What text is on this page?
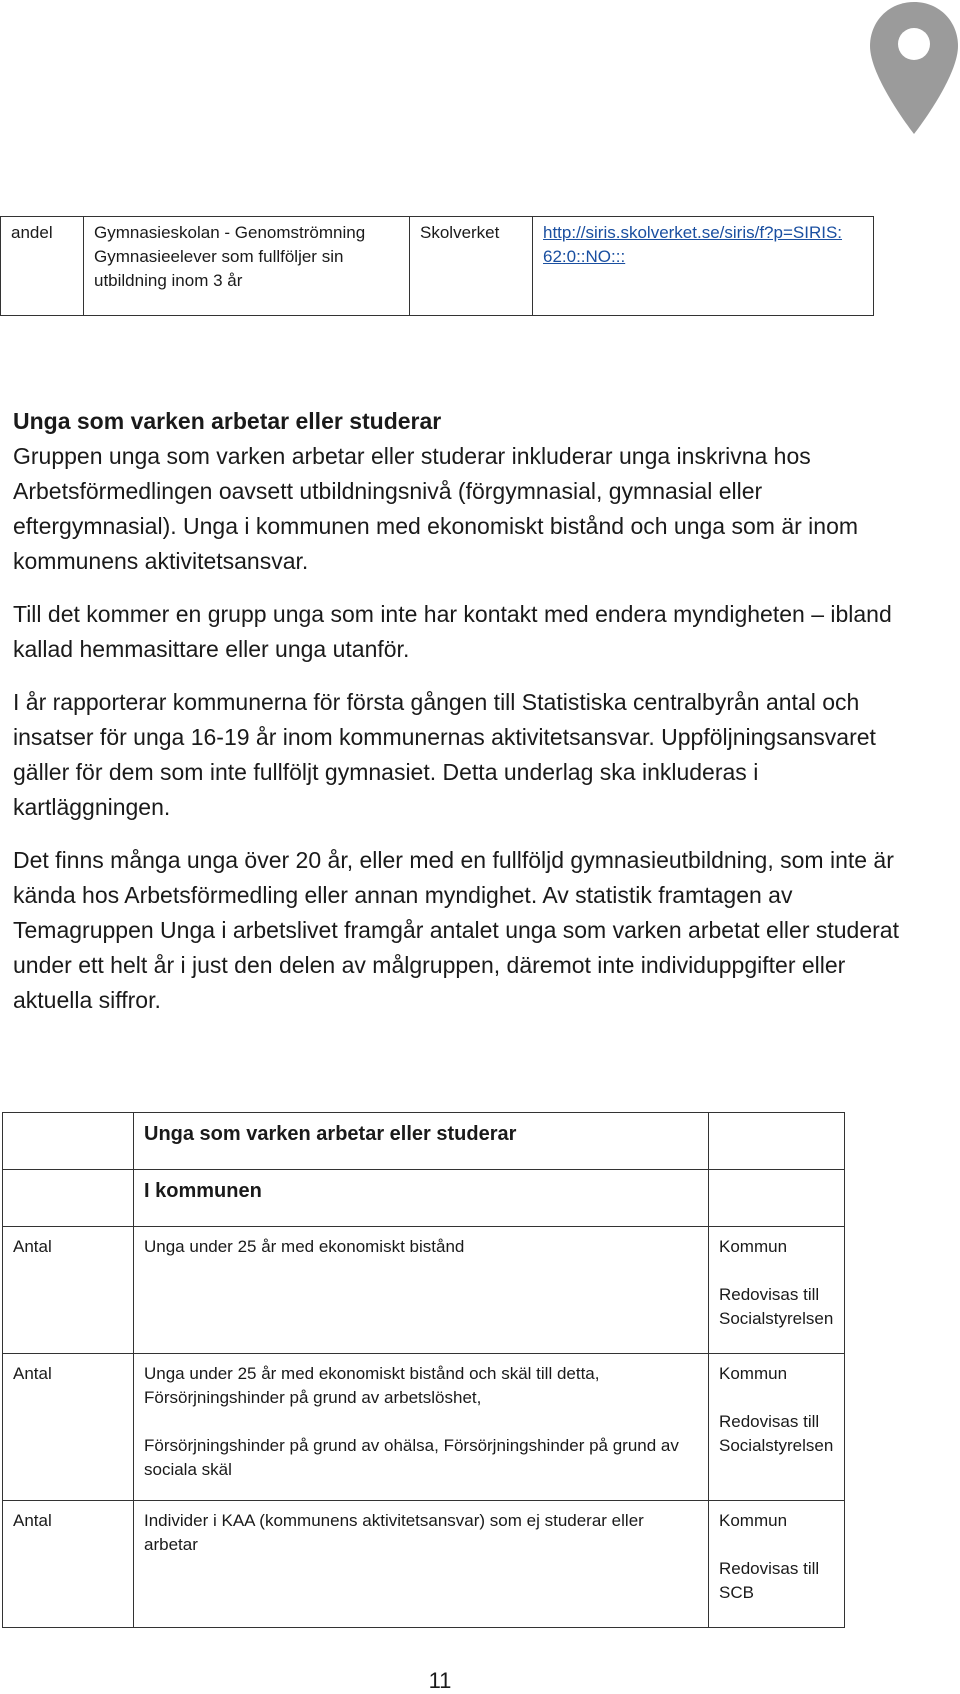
andel	Gymnasieskolan - Genomströmning
Gymnasieelever som fullföljer sin
utbildning inom 3 år
	Skolverket	http://siris.skolverket.se/siris/f?p=SIRIS:
62:0::NO:::
Unga som varken arbetar eller studerar

Gruppen unga som varken arbetar eller studerar inkluderar unga inskrivna hos Arbetsförmedlingen oavsett utbildningsnivå (förgymnasial, gymnasial eller eftergymnasial). Unga i kommunen med ekonomiskt bistånd och unga som är inom kommunens aktivitetsansvar.

Till det kommer en grupp unga som inte har kontakt med endera myndigheten – ibland kallad hemmasittare eller unga utanför.

I år rapporterar kommunerna för första gången till Statistiska centralbyrån antal och insatser för unga 16-19 år inom kommunernas aktivitetsansvar. Uppföljningsansvaret gäller för dem som inte fullföljt gymnasiet. Detta underlag ska inkluderas i kartläggningen.

Det finns många unga över 20 år, eller med en fullföljd gymnasieutbildning, som inte är kända hos Arbetsförmedling eller annan myndighet. Av statistik framtagen av Temagruppen Unga i arbetslivet framgår antalet unga som varken arbetat eller studerat under ett helt år i just den delen av målgruppen, däremot inte individuppgifter eller aktuella siffror.

	Unga som varken arbetar eller studerar	
	I kommunen	
Antal	Unga under 25 år med ekonomiskt bistånd	Kommun
Redovisas till
Socialstyrelsen

Antal	Unga under 25 år med ekonomiskt bistånd och skäl till detta,
Försörjningshinder på grund av arbetslöshet,
Försörjningshinder på grund av ohälsa, Försörjningshinder på grund av sociala skäl	Kommun
Redovisas till
Socialstyrelsen

Antal	Individer i KAA (kommunens aktivitetsansvar) som ej studerar eller arbetar	Kommun
Redovisas till
SCB
11
